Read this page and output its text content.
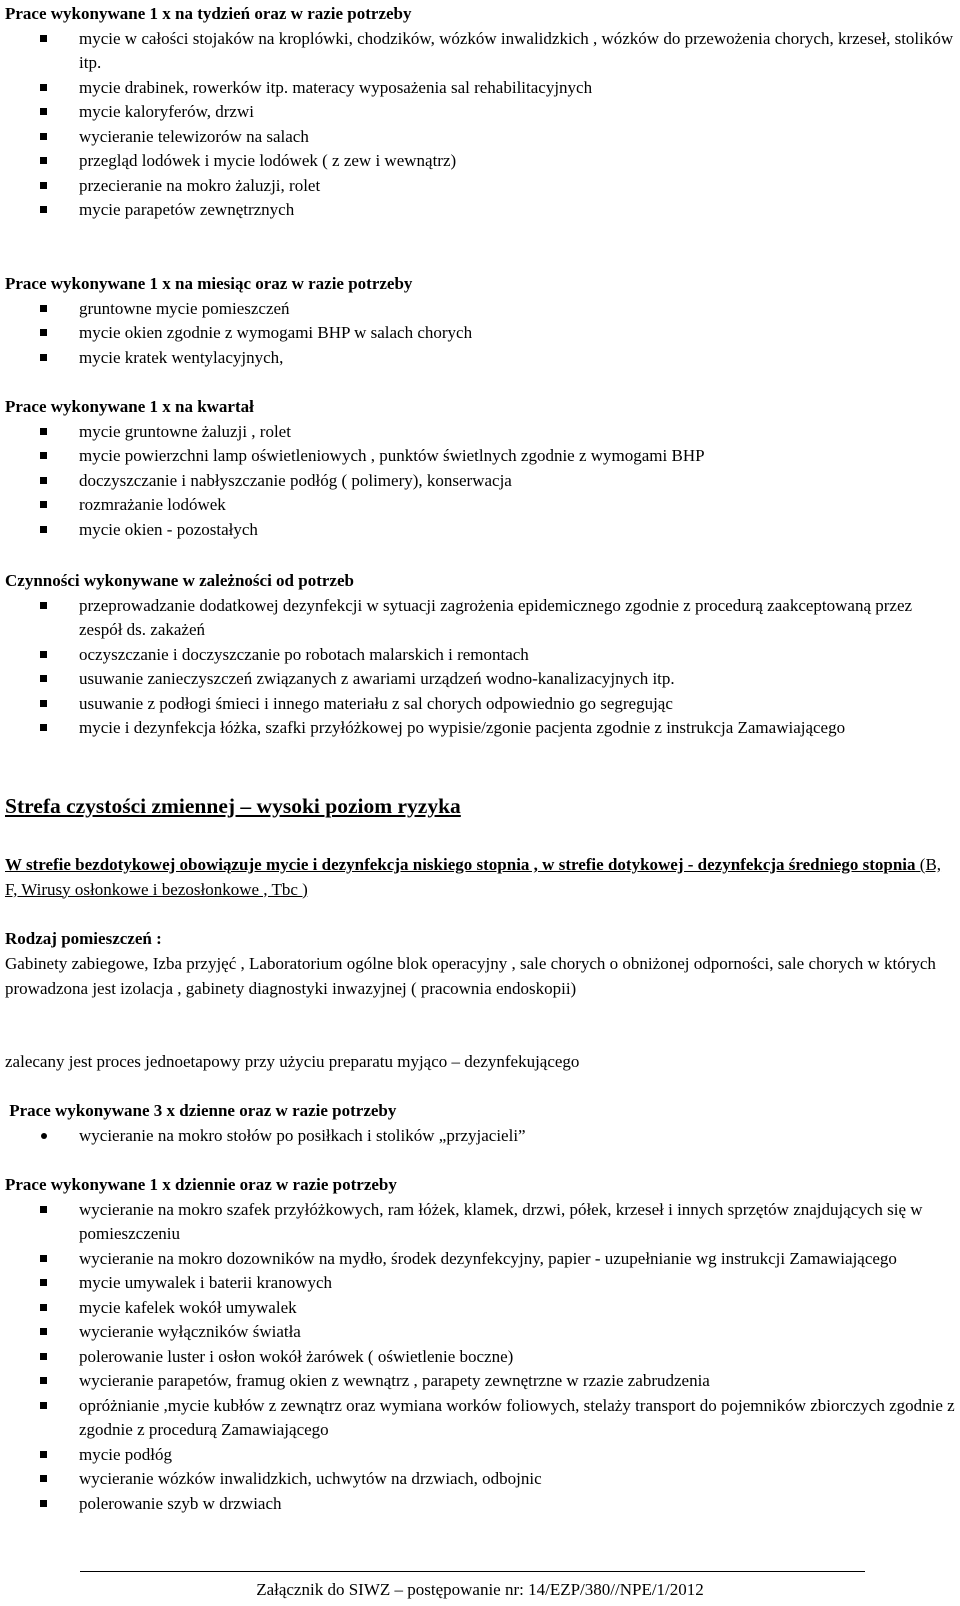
Prace wykonywane 1 x na tydzień oraz w razie potrzeby
mycie w całości stojaków na kroplówki, chodzików, wózków inwalidzkich , wózków do przewożenia chorych, krzeseł, stolików itp.
mycie drabinek, rowerków itp. materacy wyposażenia sal rehabilitacyjnych
mycie kaloryferów, drzwi
wycieranie telewizorów na salach
przegląd lodówek i mycie lodówek ( z zew i wewnątrz)
przecieranie na mokro żaluzji, rolet
mycie parapetów zewnętrznych
Prace wykonywane 1 x na miesiąc oraz w razie potrzeby
gruntowne mycie pomieszczeń
mycie okien zgodnie z wymogami BHP w salach chorych
mycie kratek wentylacyjnych,
Prace wykonywane 1 x na kwartał
mycie gruntowne żaluzji , rolet
mycie powierzchni lamp oświetleniowych , punktów świetlnych zgodnie z wymogami BHP
doczyszczanie i nabłyszczanie podłóg ( polimery), konserwacja
rozmrażanie lodówek
mycie okien - pozostałych
Czynności wykonywane w zależności od potrzeb
przeprowadzanie dodatkowej dezynfekcji w sytuacji zagrożenia epidemicznego zgodnie z procedurą zaakceptowaną przez zespół ds. zakażeń
oczyszczanie i doczyszczanie po robotach malarskich i remontach
usuwanie zanieczyszczeń związanych z awariami urządzeń wodno-kanalizacyjnych itp.
usuwanie z podłogi śmieci i innego materiału z sal chorych odpowiednio go segregując
mycie i dezynfekcja łóżka, szafki przyłóżkowej po wypisie/zgonie pacjenta zgodnie z instrukcja Zamawiającego
Strefa czystości zmiennej – wysoki poziom ryzyka
W strefie bezdotykowej obowiązuje mycie i dezynfekcja niskiego stopnia , w strefie dotykowej - dezynfekcja średniego stopnia (B, F, Wirusy osłonkowe i bezosłonkowe , Tbc )
Rodzaj pomieszczeń :
Gabinety zabiegowe, Izba przyjęć , Laboratorium ogólne blok operacyjny , sale chorych o obniżonej odporności, sale chorych w których prowadzona jest izolacja , gabinety diagnostyki inwazyjnej ( pracownia endoskopii)
zalecany jest proces jednoetapowy przy użyciu preparatu myjąco – dezynfekującego
Prace wykonywane 3 x dzienne oraz w razie potrzeby
wycieranie na mokro stołów po posiłkach i stolików „przyjacieli”
Prace wykonywane 1 x dziennie oraz w razie potrzeby
wycieranie na mokro szafek przyłóżkowych, ram łóżek, klamek, drzwi, półek, krzeseł i innych sprzętów znajdujących się w pomieszczeniu
wycieranie na mokro dozowników na mydło, środek dezynfekcyjny, papier - uzupełnianie wg instrukcji Zamawiającego
mycie umywalek i baterii kranowych
mycie kafelek wokół umywalek
wycieranie wyłączników światła
polerowanie luster i osłon wokół żarówek ( oświetlenie boczne)
wycieranie parapetów, framug okien z wewnątrz , parapety zewnętrzne w rzazie zabrudzenia
opróżnianie ,mycie kubłów z zewnątrz oraz wymiana worków foliowych, stelaży transport do pojemników zbiorczych zgodnie z zgodnie z procedurą Zamawiającego
mycie podłóg
wycieranie wózków inwalidzkich, uchwytów na drzwiach, odbojnic
polerowanie szyb w drzwiach
Załącznik do SIWZ – postępowanie nr: 14/EZP/380//NPE/1/2012
